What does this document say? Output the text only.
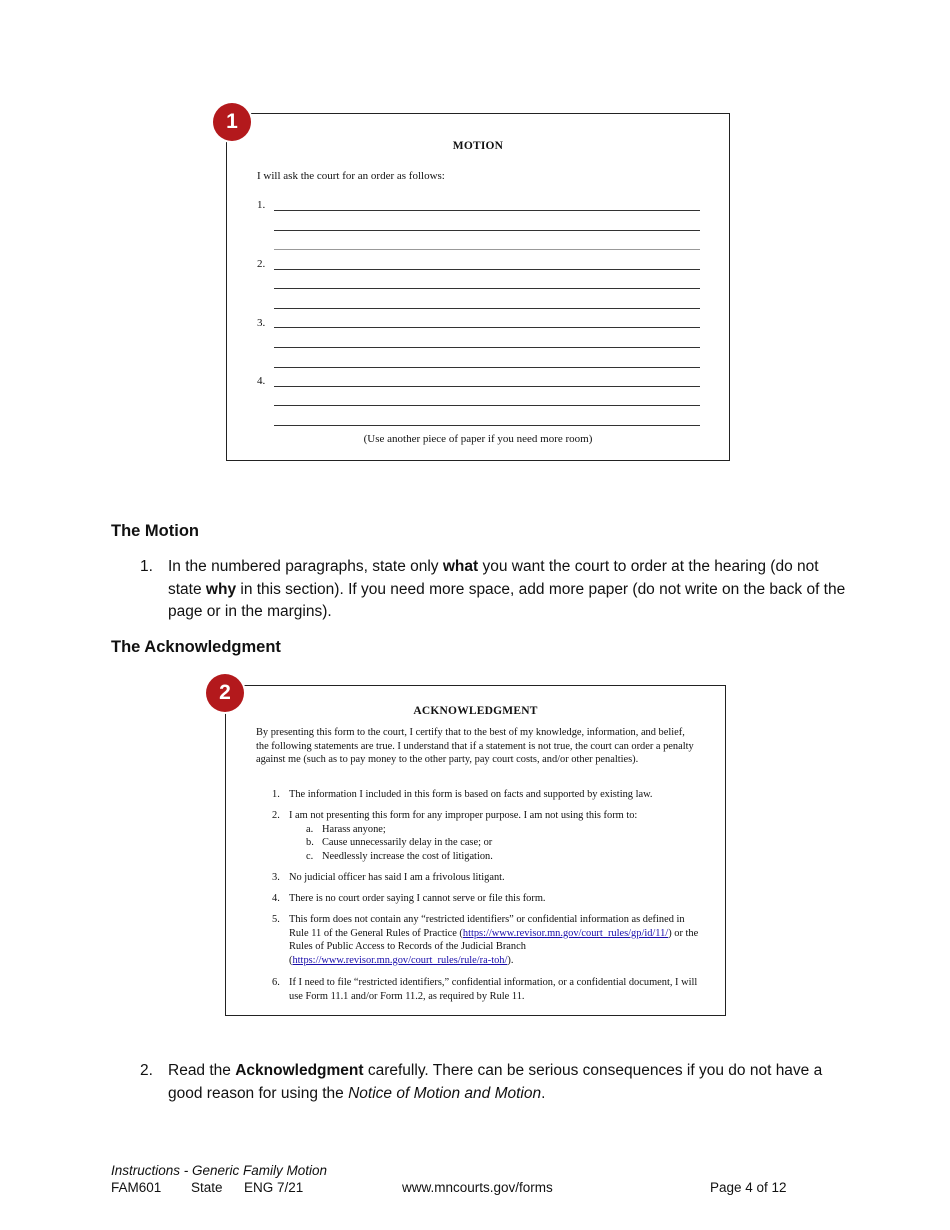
MOTION
I will ask the court for an order as follows:
1.
2.
3.
4.
(Use another piece of paper if you need more room)
1
The Motion
1. In the numbered paragraphs, state only what you want the court to order at the hearing (do not state why in this section). If you need more space, add more paper (do not write on the back of the page or in the margins).
The Acknowledgment
ACKNOWLEDGMENT
By presenting this form to the court, I certify that to the best of my knowledge, information, and belief, the following statements are true. I understand that if a statement is not true, the court can order a penalty against me (such as to pay money to the other party, pay court costs, and/or other penalties).
1. The information I included in this form is based on facts and supported by existing law.
2. I am not presenting this form for any improper purpose. I am not using this form to:
a. Harass anyone;
b. Cause unnecessarily delay in the case; or
c. Needlessly increase the cost of litigation.
3. No judicial officer has said I am a frivolous litigant.
4. There is no court order saying I cannot serve or file this form.
5. This form does not contain any “restricted identifiers” or confidential information as defined in Rule 11 of the General Rules of Practice (https://www.revisor.mn.gov/court_rules/gp/id/11/) or the Rules of Public Access to Records of the Judicial Branch (https://www.revisor.mn.gov/court_rules/rule/ra-toh/).
6. If I need to file “restricted identifiers,” confidential information, or a confidential document, I will use Form 11.1 and/or Form 11.2, as required by Rule 11.
2
2. Read the Acknowledgment carefully. There can be serious consequences if you do not have a good reason for using the Notice of Motion and Motion.
Instructions - Generic Family Motion
FAM601 State ENG 7/21	www.mncourts.gov/forms	Page 4 of 12
